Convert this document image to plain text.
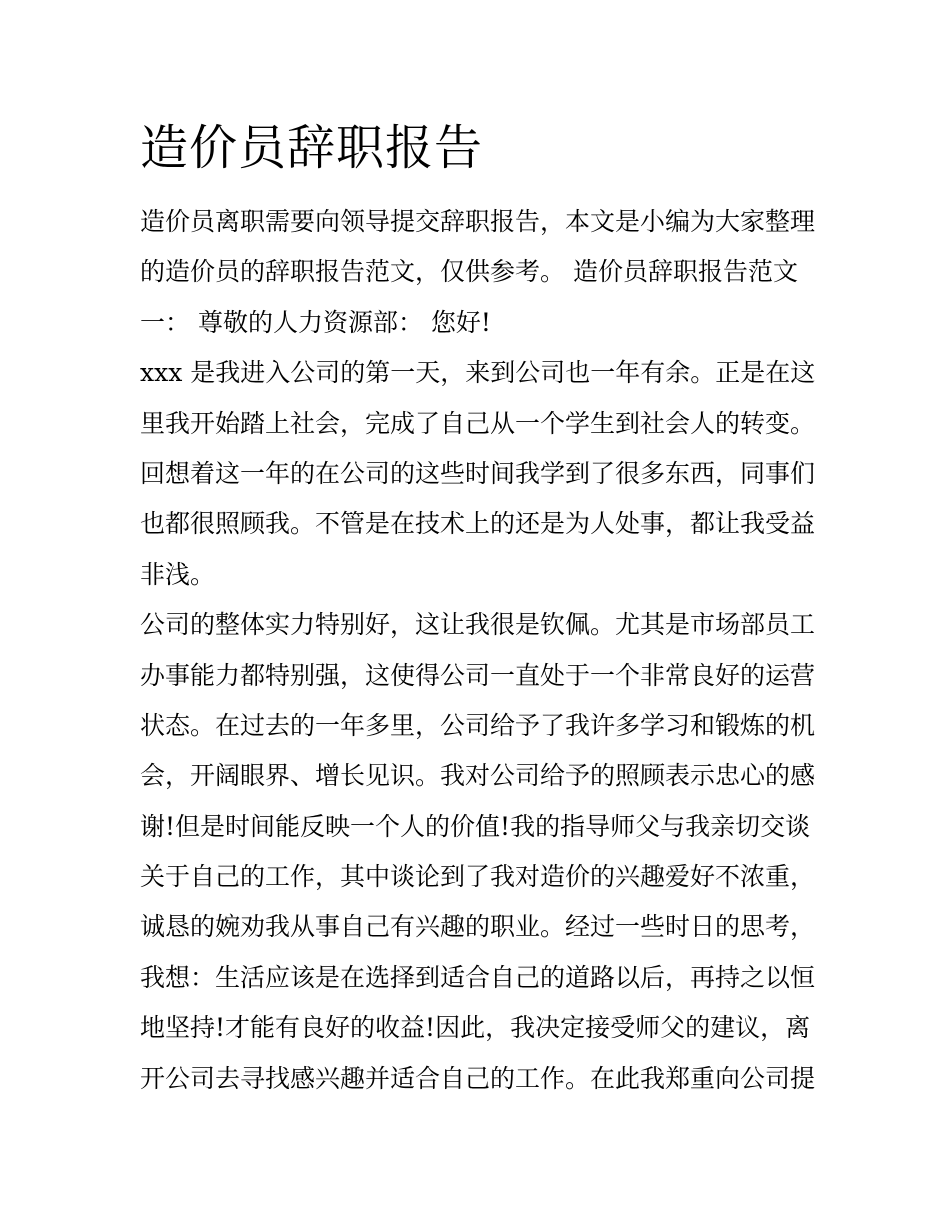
造价员辞职报告
造价员离职需要向领导提交辞职报告，本文是小编为大家整理
的造价员的辞职报告范文，仅供参考。 造价员辞职报告范文
一： 尊敬的人力资源部： 您好!
xxx 是我进入公司的第一天，来到公司也一年有余。正是在这
里我开始踏上社会，完成了自己从一个学生到社会人的转变。
回想着这一年的在公司的这些时间我学到了很多东西，同事们
也都很照顾我。不管是在技术上的还是为人处事，都让我受益
非浅。
公司的整体实力特别好，这让我很是钦佩。尤其是市场部员工
办事能力都特别强，这使得公司一直处于一个非常良好的运营
状态。在过去的一年多里，公司给予了我许多学习和锻炼的机
会，开阔眼界、增长见识。我对公司给予的照顾表示忠心的感
谢!但是时间能反映一个人的价值!我的指导师父与我亲切交谈
关于自己的工作，其中谈论到了我对造价的兴趣爱好不浓重，
诚恳的婉劝我从事自己有兴趣的职业。经过一些时日的思考，
我想：生活应该是在选择到适合自己的道路以后，再持之以恒
地坚持!才能有良好的收益!因此，我决定接受师父的建议，离
开公司去寻找感兴趣并适合自己的工作。在此我郑重向公司提
